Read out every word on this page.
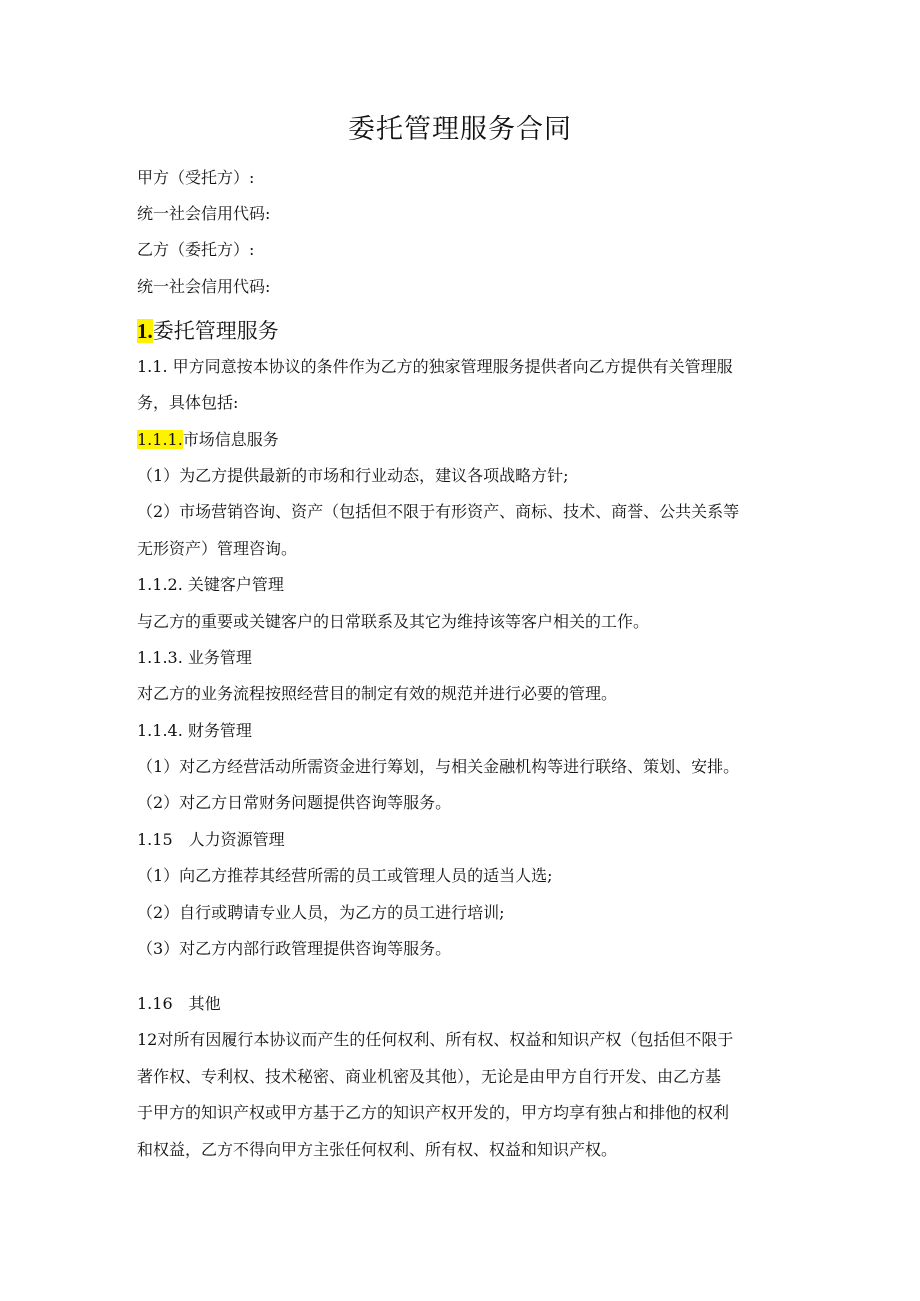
委托管理服务合同
甲方（受托方）:
统一社会信用代码:
乙方（委托方）:
统一社会信用代码:
1.委托管理服务
1.1. 甲方同意按本协议的条件作为乙方的独家管理服务提供者向乙方提供有关管理服
务，具体包括:
1.1.1.市场信息服务
（1）为乙方提供最新的市场和行业动态，建议各项战略方针;
（2）市场营销咨询、资产（包括但不限于有形资产、商标、技术、商誉、公共关系等
无形资产）管理咨询。
1.1.2. 关键客户管理
与乙方的重要或关键客户的日常联系及其它为维持该等客户相关的工作。
1.1.3. 业务管理
对乙方的业务流程按照经营目的制定有效的规范并进行必要的管理。
1.1.4. 财务管理
（1）对乙方经营活动所需资金进行筹划，与相关金融机构等进行联络、策划、安排。
（2）对乙方日常财务问题提供咨询等服务。
1.15　人力资源管理
（1）向乙方推荐其经营所需的员工或管理人员的适当人选;
（2）自行或聘请专业人员，为乙方的员工进行培训;
（3）对乙方内部行政管理提供咨询等服务。
1.16　其他
12对所有因履行本协议而产生的任何权利、所有权、权益和知识产权（包括但不限于
著作权、专利权、技术秘密、商业机密及其他），无论是由甲方自行开发、由乙方基
于甲方的知识产权或甲方基于乙方的知识产权开发的，甲方均享有独占和排他的权利
和权益，乙方不得向甲方主张任何权利、所有权、权益和知识产权。
